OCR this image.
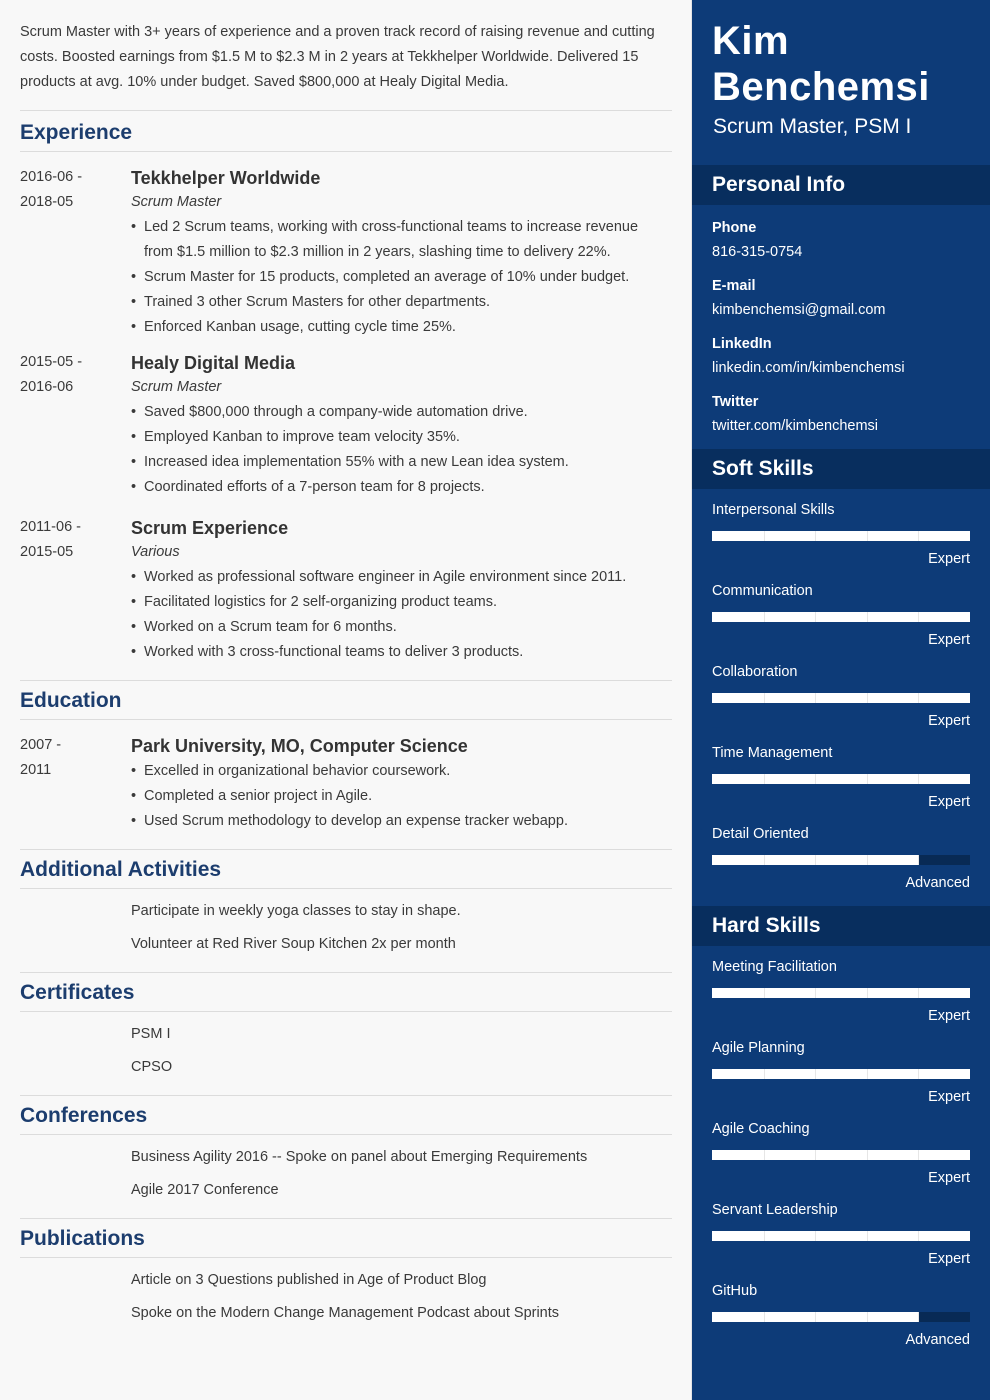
Scrum Master with 3+ years of experience and a proven track record of raising revenue and cutting costs. Boosted earnings from $1.5 M to $2.3 M in 2 years at Tekkhelper Worldwide. Delivered 15 products at avg. 10% under budget. Saved $800,000 at Healy Digital Media.

Experience
2016-06 -
2018-05
Tekkhelper Worldwide
Scrum Master
• Led 2 Scrum teams, working with cross-functional teams to increase revenue from $1.5 million to $2.3 million in 2 years, slashing time to delivery 22%.
• Scrum Master for 15 products, completed an average of 10% under budget.
• Trained 3 other Scrum Masters for other departments.
• Enforced Kanban usage, cutting cycle time 25%.
2015-05 -
2016-06
Healy Digital Media
Scrum Master
• Saved $800,000 through a company-wide automation drive.
• Employed Kanban to improve team velocity 35%.
• Increased idea implementation 55% with a new Lean idea system.
• Coordinated efforts of a 7-person team for 8 projects.
2011-06 -
2015-05
Scrum Experience
Various
• Worked as professional software engineer in Agile environment since 2011.
• Facilitated logistics for 2 self-organizing product teams.
• Worked on a Scrum team for 6 months.
• Worked with 3 cross-functional teams to deliver 3 products.
Education
2007 -
2011
Park University, MO, Computer Science
• Excelled in organizational behavior coursework.
• Completed a senior project in Agile.
• Used Scrum methodology to develop an expense tracker webapp.
Additional Activities
Participate in weekly yoga classes to stay in shape.
Volunteer at Red River Soup Kitchen 2x per month
Certificates
PSM I
CPSO
Conferences
Business Agility 2016 -- Spoke on panel about Emerging Requirements
Agile 2017 Conference
Publications
Article on 3 Questions published in Age of Product Blog
Spoke on the Modern Change Management Podcast about Sprints
Kim
Benchemsi
Scrum Master, PSM I
Personal Info
Phone
816-315-0754
E-mail
kimbenchemsi@gmail.com
LinkedIn
linkedin.com/in/kimbenchemsi
Twitter
twitter.com/kimbenchemsi
Soft Skills
Interpersonal Skills
Expert
Communication
Expert
Collaboration
Expert
Time Management
Expert
Detail Oriented
Advanced
Hard Skills
Meeting Facilitation
Expert
Agile Planning
Expert
Agile Coaching
Expert
Servant Leadership
Expert
GitHub
Advanced
